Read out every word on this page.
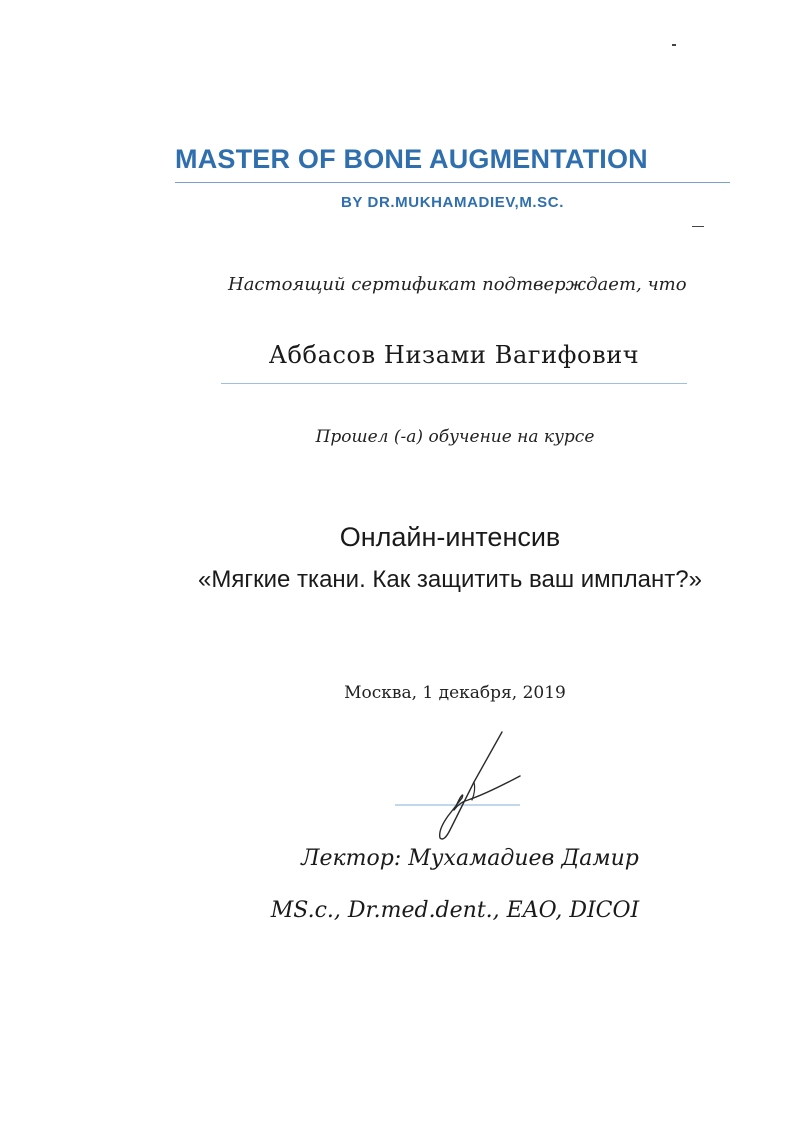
MASTER OF BONE AUGMENTATION
BY DR.MUKHAMADIEV,M.SC.
Настоящий сертификат подтверждает, что
Аббасов Низами Вагифович
Прошел (-а) обучение на курсе
Онлайн-интенсив
«Мягкие ткани. Как защитить ваш имплант?»
Москва, 1 декабря, 2019
Лектор: Мухамадиев Дамир
MS.c., Dr.med.dent., EAO, DICOI
